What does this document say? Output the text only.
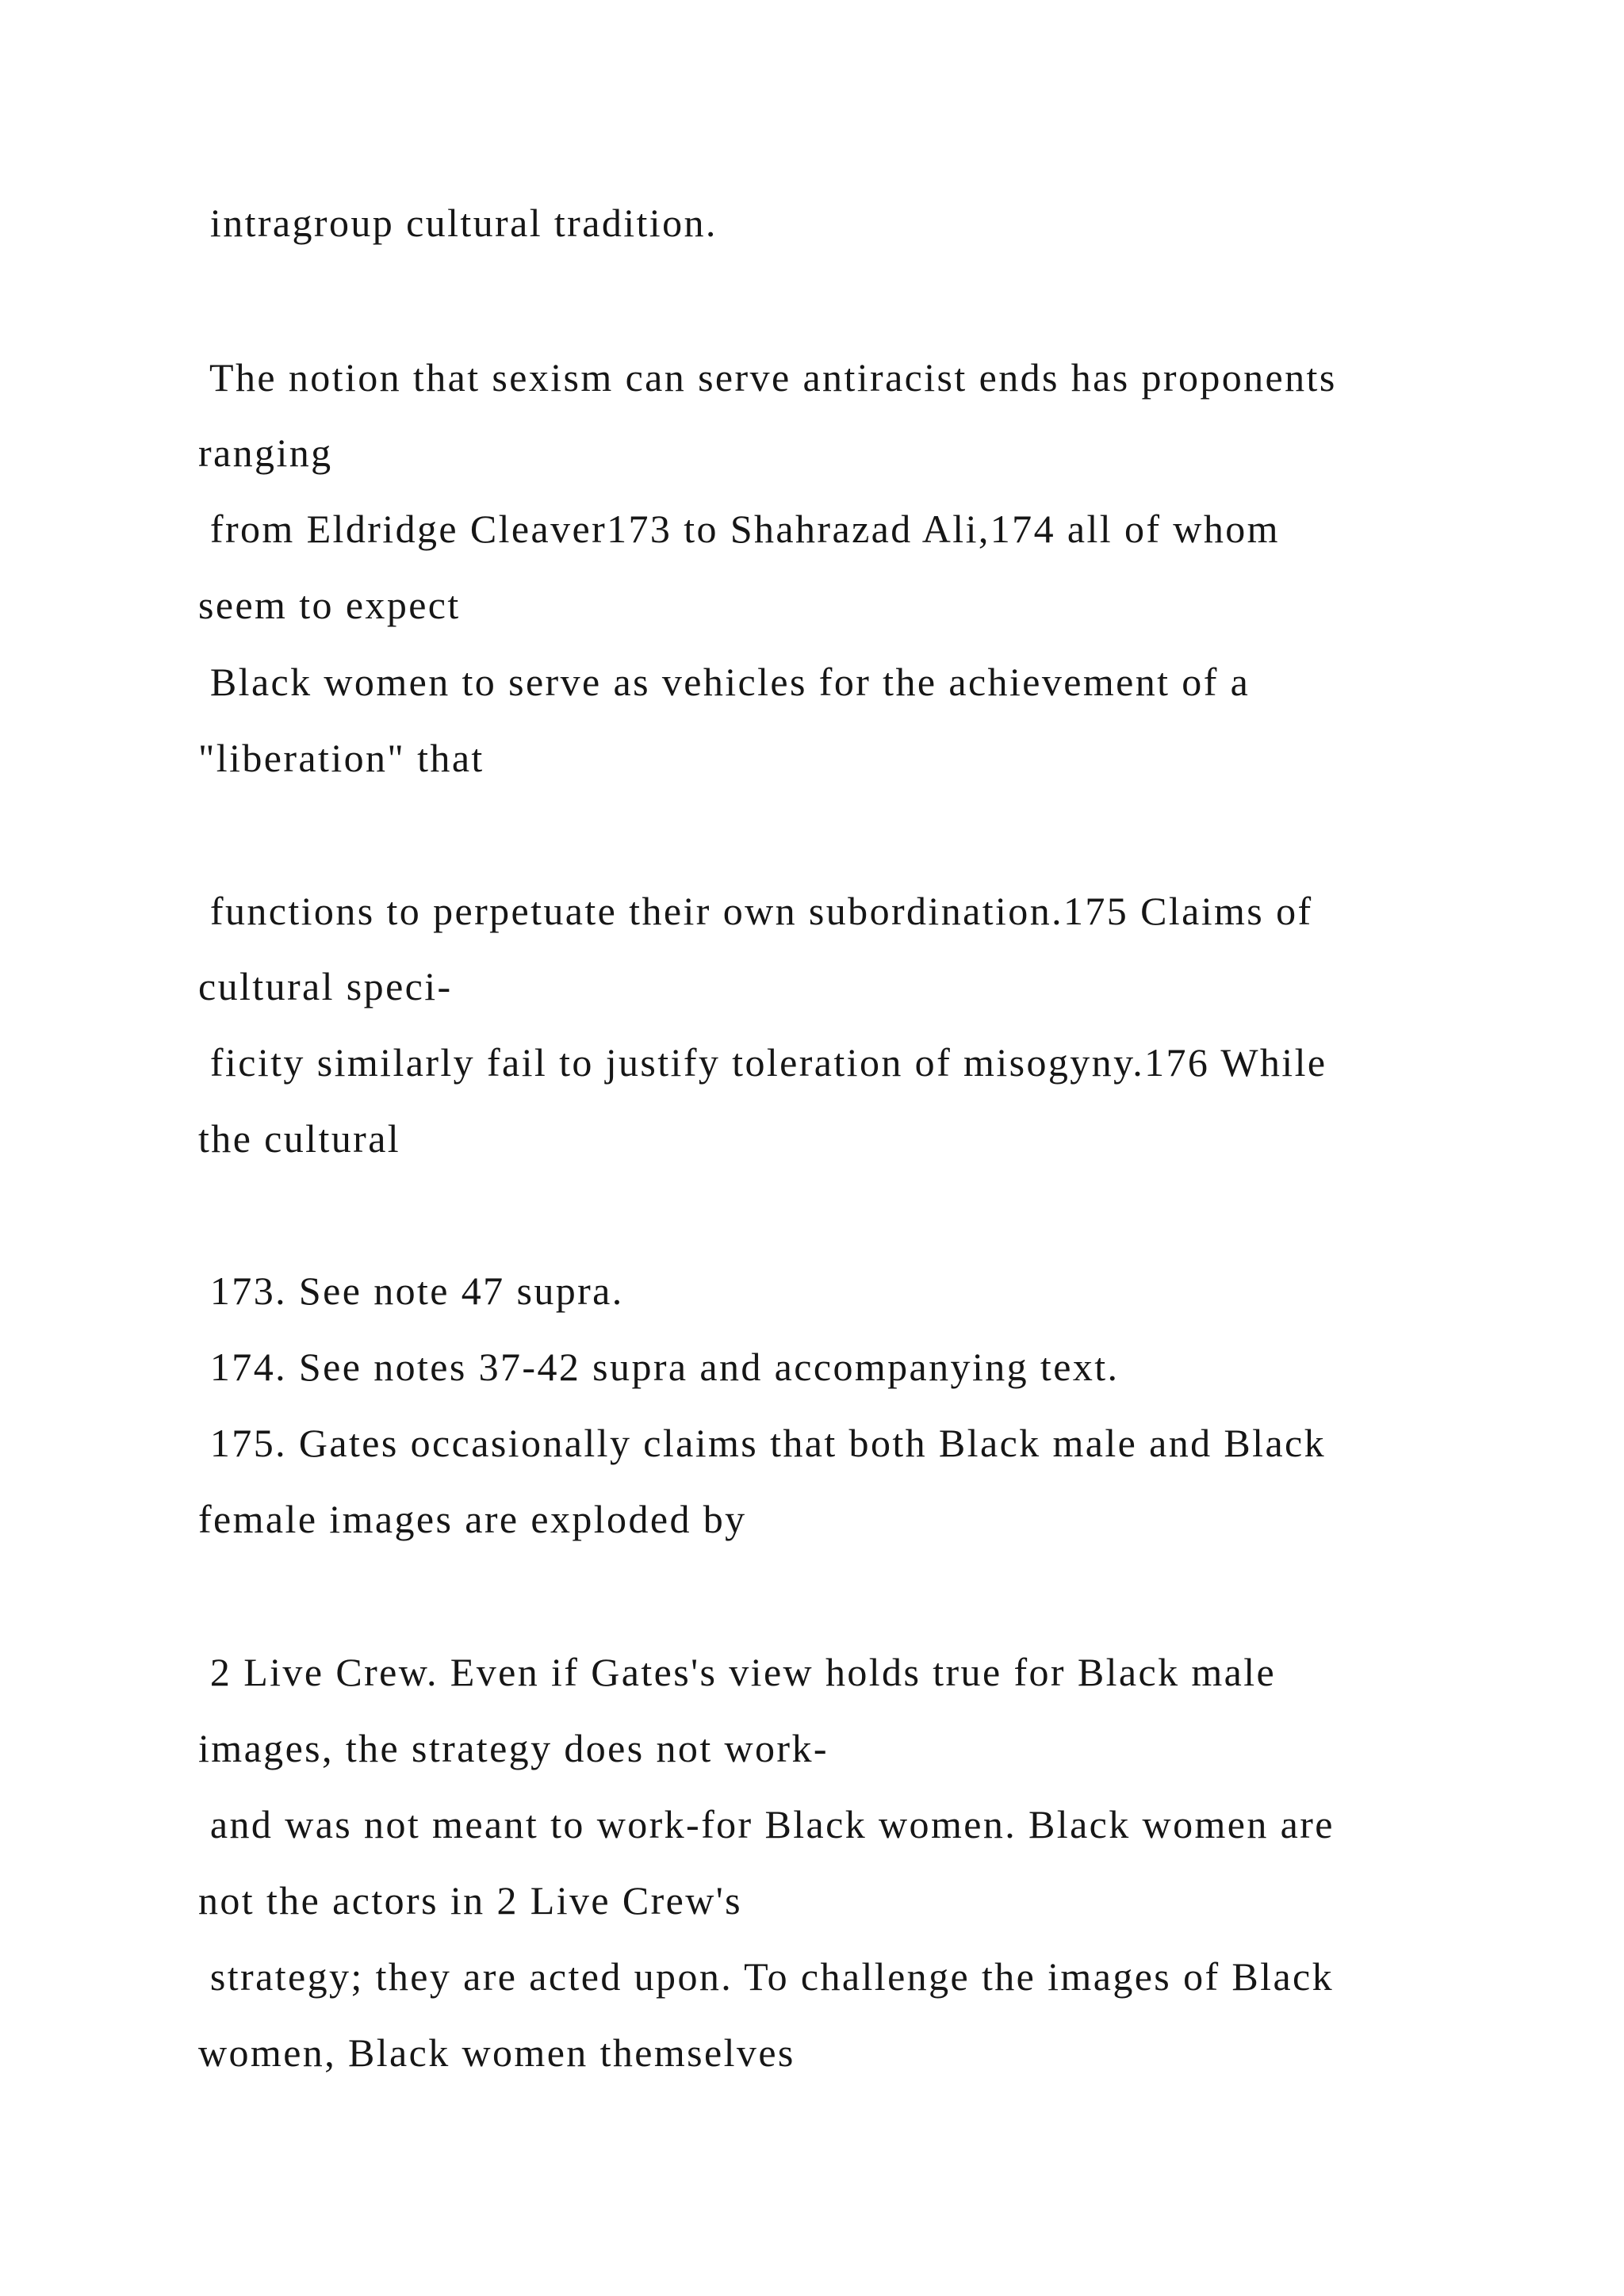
intragroup cultural tradition.

The notion that sexism can serve antiracist ends has proponents

ranging

from Eldridge Cleaver173 to Shahrazad Ali,174 all of whom

seem to expect

Black women to serve as vehicles for the achievement of a

"liberation" that

functions to perpetuate their own subordination.175 Claims of

cultural speci-

ficity similarly fail to justify toleration of misogyny.176 While

the cultural

173. See note 47 supra.

174. See notes 37-42 supra and accompanying text.

175. Gates occasionally claims that both Black male and Black

female images are exploded by

2 Live Crew. Even if Gates's view holds true for Black male

images, the strategy does not work-

and was not meant to work-for Black women. Black women are

not the actors in 2 Live Crew's

strategy; they are acted upon. To challenge the images of Black

women, Black women themselves
